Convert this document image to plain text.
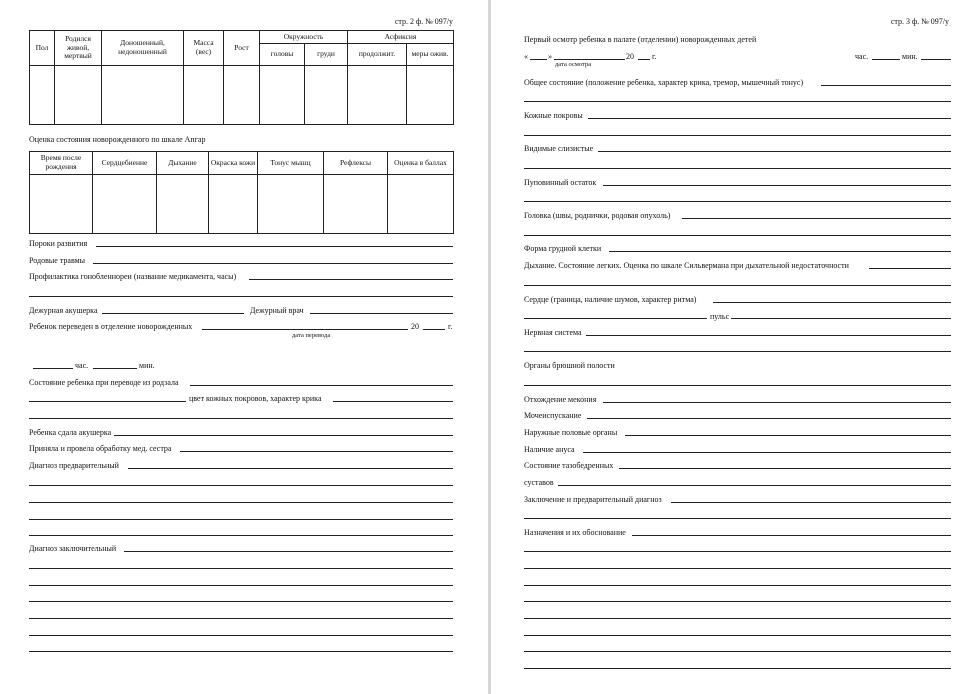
стр. 2 ф. № 097/у
Пол	Родился живой, мертвый	Доношенный, недоношенный	Масса (вес)	Рост	Окружность		Асфиксия	
					головы	груди	продолжит.	меры ожив.

Оценка состояния новорожденного по шкале Апгар
Время после рождения	Сердцебиение	Дыхание	Окраска кожи	Тонус мышц	Рефлексы	Оценка в баллах

Пороки развития
Родовые травмы
Профилактика гонобленнореи (название медикамента, часы)
Дежурная акушерка	Дежурный врач
Ребенок переведен в отделение новорожденных	20	г.
дата перевода
час.	мин.
Состояние ребенка при переводе из родзала
цвет кожных покровов, характер крика
Ребенка сдала акушерка
Приняла и провела обработку мед. сестра
Диагноз предварительный
Диагноз заключительный
стр. 3 ф. № 097/у
Первый осмотр ребенка в палате (отделении) новорожденных детей
«	»	20 г.
дата осмотра
час.	мин.
Общее состояние (положение ребенка, характер крика, тремор, мышечный тонус)
Кожные покровы
Видимые слизистые
Пуповинный остаток
Головка (швы, роднички, родовая опухоль)
Форма грудной клетки
Дыхание. Состояние легких. Оценка по шкале Сильвермана при дыхательной недостаточности
Сердце (граница, наличие шумов, характер ритма)
пульс
Нервная система
Органы брюшной полости
Отхождение мекония
Мочеиспускание
Наружные половые органы
Наличие ануса
Состояние тазобедренных
суставов
Заключение и предварительный диагноз
Назначения и их обоснование
